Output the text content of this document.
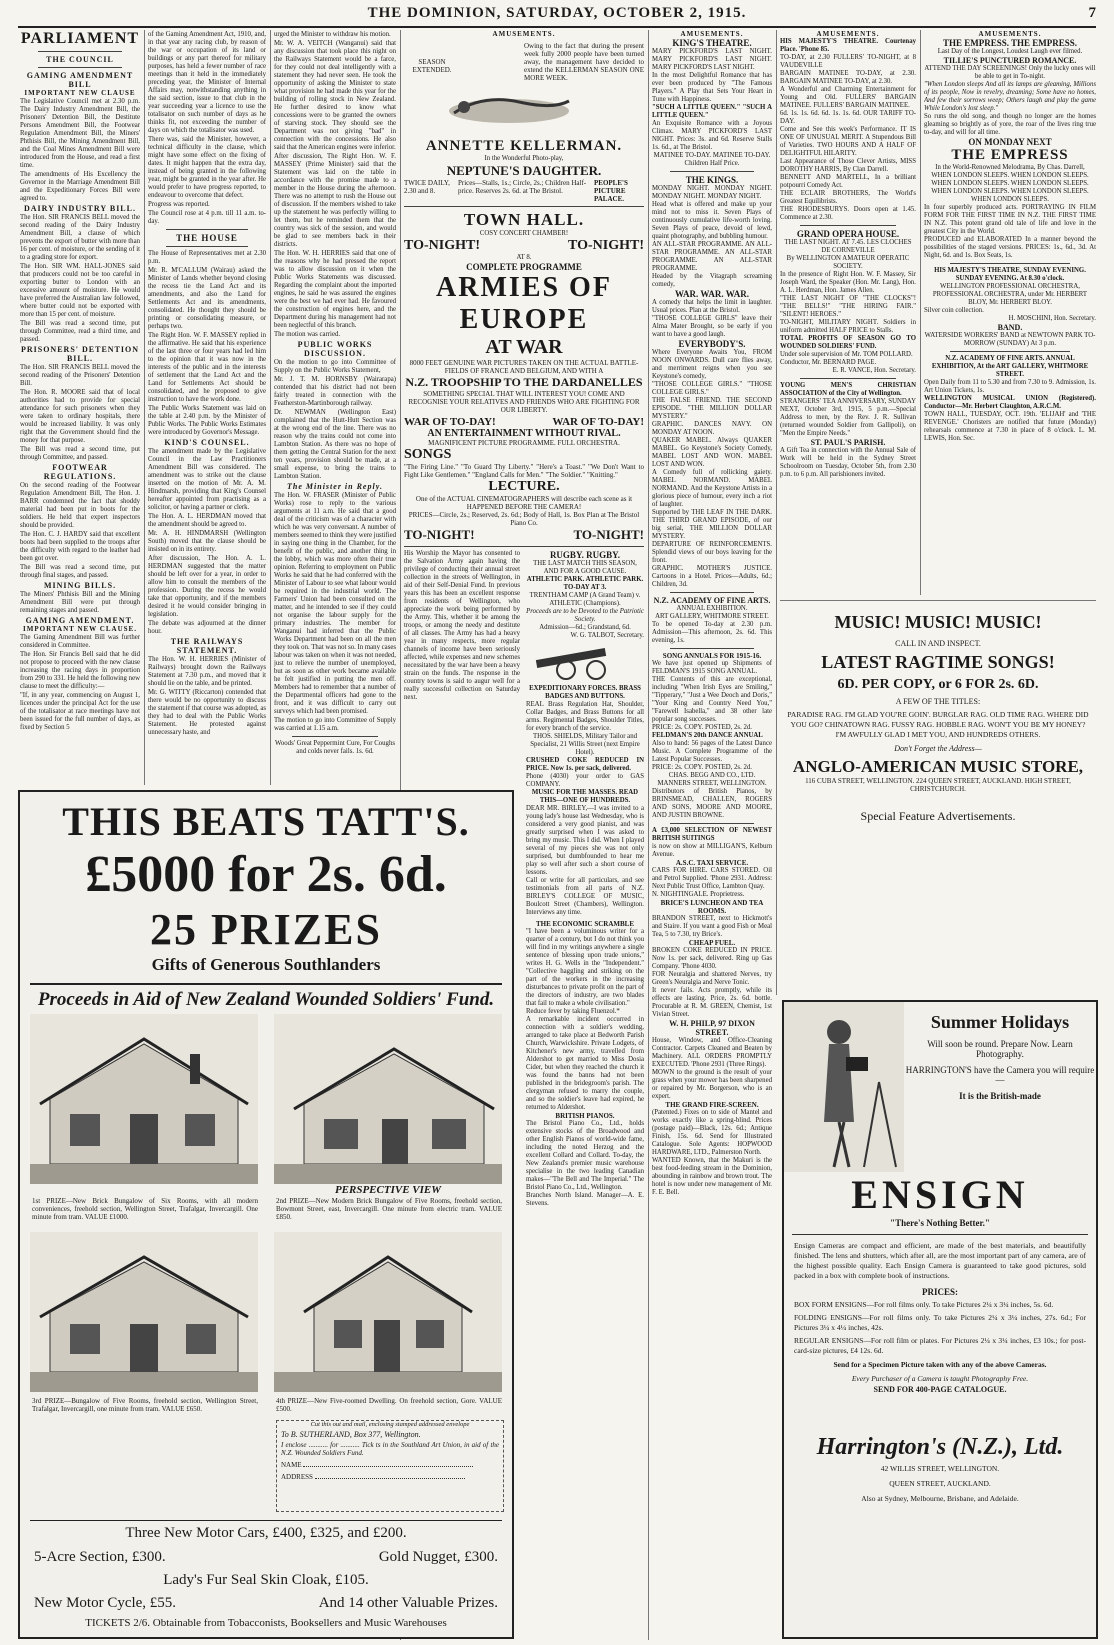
THE DOMINION, SATURDAY, OCTOBER 2, 1915.	7
PARLIAMENT
THE COUNCIL
GAMING AMENDMENT BILL
IMPORTANT NEW CLAUSE

The Legislative Council met at 2.30 p.m. The Dairy Industry Amendment Bill, the Prisoners' Detention Bill, the Destitute Persons Amendment Bill, the Footwear Regulation Amendment Bill, the Miners' Phthisis Bill, the Mining Amendment Bill, and the Coal Mines Amendment Bill were introduced from the House, and read a first time.

The amendments of His Excellency the Governor in the Marriage Amendment Bill and the Expeditionary Forces Bill were agreed to.

DAIRY INDUSTRY BILL.

The Hon. SIR FRANCIS BELL moved the second reading of the Dairy Industry Amendment Bill, a clause of which prevents the export of butter with more than 16 per cent. of moisture, or the sending of it to a grading store for export.

The Hon. SIR WM. HALL-JONES said that producers could not be too careful in exporting butter to London with an excessive amount of moisture. He would have preferred the Australian law followed, where butter could not be exported with more than 15 per cent. of moisture.

The Bill was read a second time, put through Committee, read a third time, and passed.

PRISONERS' DETENTION BILL.

The Hon. SIR FRANCIS BELL moved the second reading of the Prisoners' Detention Bill.

The Hon. R. MOORE said that of local authorities had to provide for special attendance for such prisoners when they were taken to ordinary hospitals, there would be increased liability. It was only right that the Government should find the money for that purpose.

The Bill was read a second time, put through Committee, and passed.

FOOTWEAR REGULATIONS.

On the second reading of the Footwear Regulation Amendment Bill, The Hon. J. BARR condemned the fact that shoddy material had been put in boots for the soldiers. He held that expert inspectors should be provided.

The Hon. C. J. HARDY said that excellent boots had been supplied to the troops after the difficulty with regard to the leather had been got over.

The Bill was read a second time, put through final stages, and passed.

MINING BILLS.

The Miners' Phthisis Bill and the Mining Amendment Bill were put through remaining stages and passed.

GAMING AMENDMENT.
IMPORTANT NEW CLAUSE.

The Gaming Amendment Bill was further considered in Committee.

The Hon. Sir Francis Bell said that he did not propose to proceed with the new clause increasing the racing days in proportion from 290 to 331. He held the following new clause to meet the difficulty:—

"If, in any year, commencing on August 1, licences under the principal Act for the use of the totalisator at race meetings have not been issued for the full number of days, as fixed by Section 5

of the Gaming Amendment Act, 1910, and, in that year any racing club, by reason of the war or occupation of its land or buildings or any part thereof for military purposes, has held a fewer number of race meetings than it held in the immediately preceding year, the Minister of Internal Affairs may, notwithstanding anything in the said section, issue to that club in the year succeeding year a licence to use the totalisator on such number of days as he thinks fit, not exceeding the number of days on which the totalisator was used.

There was, said the Minister, however, a technical difficulty in the clause, which might have some effect on the fixing of dates. It might happen that the extra day, instead of being granted in the following year, might be granted in the year after. He would prefer to have progress reported, to endeavour to overcome that defect.

Progress was reported.

The Council rose at 4 p.m. till 11 a.m. to-day.

THE HOUSE

The House of Representatives met at 2.30 p.m.

Mr. R. M'CALLUM (Wairau) asked the Minister of Lands whether beyond closing the recess tie the Land Act and its amendments, and also the Land for Settlements Act and its amendments, consolidated. He thought they should be printing or consolidating measure, or perhaps two.

The Right Hon. W. F. MASSEY replied in the affirmative. He said that his experience of the last three or four years had led him to the opinion that it was now in the interests of the public and in the interests of settlement that the Land Act and the Land for Settlements Act should be consolidated, and he proposed to give instruction to have the work done.

The Public Works Statement was laid on the table at 2.40 p.m. by the Minister of Public Works. The Public Works Estimates were introduced by Governor's Message.

KIND'S COUNSEL.

The amendment made by the Legislative Council in the Law Practitioners Amendment Bill was considered. The amendment was to strike out the clause inserted on the motion of Mr. A. M. Hindmarsh, providing that King's Counsel hereafter appointed from practising as a solicitor, or having a partner or clerk.

The Hon. A. L. HERDMAN moved that the amendment should be agreed to.

Mr. A. H. HINDMARSH (Wellington South) moved that the clause should be insisted on in its entirety.

After discussion, The Hon. A. L. HERDMAN suggested that the matter should be left over for a year, in order to allow him to consult the members of the profession. During the recess he would take that opportunity, and if the members desired it he would consider bringing in legislation.

The debate was adjourned at the dinner hour.

THE RAILWAYS STATEMENT.

The Hon. W. H. HERRIES (Minister of Railways) brought down the Railways Statement at 7.30 p.m., and moved that it should lie on the table, and be printed.

Mr. G. WITTY (Riccarton) contended that there would be no opportunity to discuss the statement if that course was adopted, as they had to deal with the Public Works Statement. He protested against unnecessary haste, and

urged the Minister to withdraw his motion.

Mr. W. A. VEITCH (Wanganui) said that any discussion that took place this night on the Railways Statement would be a farce, for they could not deal intelligently with a statement they had never seen. He took the opportunity of asking the Minister to state what provision he had made this year for the building of rolling stock in New Zealand. He further desired to know what concessions were to be granted the owners of starving stock. They should see the Department was not giving "bad" in connection with the concessions. He also said that the American engines were inferior.

After discussion, The Right Hon. W. F. MASSEY (Prime Minister) said that the Statement was laid on the table in accordance with the promise made to a member in the House during the afternoon. There was no attempt to rush the House out of discussion. If the members wished to take up the statement he was perfectly willing to let them, but he reminded them that the country was sick of the session, and would be glad to see members back in their districts.

The Hon. W. H. HERRIES said that one of the reasons why he had pressed the report was to allow discussion on it when the Public Works Statements was discussed. Regarding the complaint about the imported engines, he said he was assured the engines were the best we had ever had. He favoured the construction of engines here, and the Department during his management had not been neglectful of this branch.

The motion was carried.

PUBLIC WORKS DISCUSSION.

On the motion to go into Committee of Supply on the Public Works Statement,

Mr. J. T. M. HORNSBY (Wairarapa) contended that his district had not been fairly treated in connection with the Featherston-Martinborough railway.

Dr. NEWMAN (Wellington East) complained that the Hutt-Hutt Section was at the wrong end of the line. There was no reason why the trains could not come into Lambton Station. As there was no hope of them getting the Central Station for the next ten years, provision should be made, at a small expense, to bring the trains to Lambton Station.

The Minister in Reply.

The Hon. W. FRASER (Minister of Public Works) rose to reply to the various arguments at 11 a.m. He said that a good deal of the criticism was of a character with which he was very conversant. A number of members seemed to think they were justified in saying one thing in the Chamber, for the benefit of the public, and another thing in the lobby, which was more often their true opinion. Referring to employment on Public Works he said that he had conferred with the Minister of Labour to see what labour would be required in the industrial world. The Farmers' Union had been consulted on the matter, and he intended to see if they could not organise the labour supply for the primary industries. The member for Wanganui had inferred that the Public Works Department had been on all the men they took on. That was not so. In many cases labour was taken on when it was not needed, just to relieve the number of unemployed, but as soon as other work became available he felt justified in putting the men off. Members had to remember that a number of the Departmental officers had gone to the front, and it was difficult to carry out surveys which had been promised.

The motion to go into Committee of Supply was carried at 1.15 a.m.

Woods' Great Peppermint Cure, For Coughs and colds never fails. 1s. 6d.

THIS BEATS TATT'S.
£5000 for 2s. 6d.
25 PRIZES
Gifts of Generous Southlanders
Proceeds in Aid of New Zealand Wounded Soldiers' Fund.
PERSPECTIVE VIEW
1st PRIZE—New Brick Bungalow of Six Rooms, with all modern conveniences, freehold section, Wellington Street, Trafalgar, Invercargill. One minute from tram. VALUE £1000.
2nd PRIZE—New Modern Brick Bungalow of Five Rooms, freehold section, Bowmont Street, east, Invercargill. One minute from electric tram. VALUE £850.
3rd PRIZE—Bungalow of Five Rooms, freehold section, Wellington Street, Trafalgar, Invercargill, one minute from tram. VALUE £650.
4th PRIZE—New Five-roomed Dwelling. On freehold section, Gore. VALUE £500.
Cut this out and mail, enclosing stamped addressed envelope
To B. SUTHERLAND, Box 377, Wellington.
I enclose ........... for ........... Tick ts in the Southland Art Union, in aid of the N.Z. Wounded Soldiers Fund.
NAME
ADDRESS
Three New Motor Cars, £400, £325, and £200.
5-Acre Section, £300.	Gold Nugget, £300.
Lady's Fur Seal Skin Cloak, £105.
New Motor Cycle, £55.	And 14 other Valuable Prizes.
TICKETS 2/6. Obtainable from Tobacconists, Booksellers and Music Warehouses
AMUSEMENTS.
SEASON EXTENDED.
Owing to the fact that during the present week fully 2000 people have been turned away, the management have decided to extend the KELLERMAN SEASON ONE MORE WEEK.
ANNETTE KELLERMAN.
In the Wonderful Photo-play,
NEPTUNE'S DAUGHTER.
TWICE DAILY, 2.30 and 8.
Prices—Stalls, 1s.; Circle, 2s.; Children Half-price. Reserves 2s. 6d. at The Bristol.
PEOPLE'S PICTURE PALACE.
TOWN HALL.
COSY CONCERT CHAMBER!
TO-NIGHT!	TO-NIGHT!
AT 8.
COMPLETE PROGRAMME
ARMIES OF EUROPE
AT WAR
8000 FEET GENUINE WAR PICTURES TAKEN ON THE ACTUAL BATTLE-FIELDS OF FRANCE AND BELGIUM, AND WITH A
N.Z. TROOPSHIP TO THE DARDANELLES
SOMETHING SPECIAL THAT WILL INTEREST YOU! COME AND RECOGNISE YOUR RELATIVES AND FRIENDS WHO ARE FIGHTING FOR OUR LIBERTY.
WAR OF TO-DAY!	WAR OF TO-DAY!
AN ENTERTAINMENT WITHOUT RIVAL.
MAGNIFICENT PICTURE PROGRAMME. FULL ORCHESTRA.
SONGS
"The Firing Line." "To Guard Thy Liberty." "Here's a Toast." "We Don't Want to Fight Like Gentlemen." "England Calls for Men." "The Soldier." "Knitting."
LECTURE.
One of the ACTUAL CINEMATOGRAPHERS will describe each scene as it HAPPENED BEFORE THE CAMERA!
PRICES—Circle, 2s.; Reserved, 2s. 6d.; Body of Hall, 1s. Box Plan at The Bristol Piano Co.
TO-NIGHT!	TO-NIGHT!
His Worship the Mayor has consented to the Salvation Army again having the privilege of conducting their annual street collection in the streets of Wellington, in aid of their Self-Denial Fund. In previous years this has been an excellent response from residents of Wellington, who appreciate the work being performed by the Army. This, whether it be among the troops, or among the needy and destitute of all classes. The Army has had a heavy year in many respects, more regular channels of income have been seriously affected, while expenses and new schemes necessitated by the war have been a heavy strain on the funds. The response in the country towns is said to augur well for a really successful collection on Saturday next.
RUGBY. RUGBY.
THE LAST MATCH THIS SEASON, AND FOR A GOOD CAUSE.
ATHLETIC PARK. ATHLETIC PARK. TO-DAY AT 3.
TRENTHAM CAMP (A Grand Team) v. ATHLETIC (Champions).
Proceeds are to be Devoted to the Patriotic Society.
Admission—6d.; Grandstand, 6d.
W. G. TALBOT, Secretary.
EXPEDITIONARY FORCES. BRASS BADGES AND BUTTONS.
REAL Brass Regulation Hat, Shoulder, Collar Badges, and Brass Buttons for all arms. Regimental Badges, Shoulder Titles, for every branch of the service.
THOS. SHIELDS, Military Tailor and Specialist, 21 Willis Street (next Empire Hotel).
CRUSHED COKE REDUCED IN PRICE. Now 1s. per sack, delivered.
Phone (4030) your order to GAS COMPANY.
MUSIC FOR THE MASSES. READ THIS—ONE OF HUNDREDS.
DEAR MR. BIRLEY,—I was invited to a young lady's house last Wednesday, who is considered a very good pianist, and was greatly surprised when I was asked to bring my music. This I did. When I played several of my pieces she was not only surprised, but dumbfounded to hear me play so well after such a short course of lessons.
Call or write for all particulars, and see testimonials from all parts of N.Z. BIRLEY'S COLLEGE OF MUSIC, Boulcott Street (Chambers), Wellington. Interviews any time.
THE ECONOMIC SCRAMBLE
"I have been a voluminous writer for a quarter of a century, but I do not think you will find in my writings anywhere a single sentence of blessing upon trade unions," writes H. G. Wells in the "Independent." "Collective haggling and striking on the part of the workers in the increasing disturbances to private profit on the part of the directors of industry, are two blades that fail to make a whole civilisation."
Reduce fever by taking Fluenzol.*
A remarkable incident occurred in connection with a soldier's wedding, arranged to take place at Bedworth Parish Church, Warwickshire. Private Lodgets, of Kitchener's new army, travelled from Aldershot to get married to Miss Dosia Cider, but when they reached the church it was found the banns had not been published in the bridegroom's parish. The clergyman refused to marry the couple, and so the soldier's leave had expired, he returned to Aldershot.
BRITISH PIANOS.
The Bristol Piano Co., Ltd., holds extensive stocks of the Broadwood and other English Pianos of world-wide fame, including the noted Herzog and the excellent Collard and Collard. To-day, the New Zealand's premier music warehouse specialise in the two leading Canadian makes—"The Bell and The Imperial." The Bristol Piano Co., Ltd., Wellington.
Branches North Island. Manager—A. E. Stevens.
AMUSEMENTS.
KING'S THEATRE.
MARY PICKFORD'S LAST NIGHT. MARY PICKFORD'S LAST NIGHT. MARY PICKFORD'S LAST NIGHT.
In the most Delightful Romance that has ever been produced by "The Famous Players." A Play that Sets Your Heart in Tune with Happiness.
"SUCH A LITTLE QUEEN." "SUCH A LITTLE QUEEN."
An Exquisite Romance with a Joyous Climax. MARY PICKFORD'S LAST NIGHT. Prices: 3s. and 6d. Reserve Stalls 1s. 6d., at The Bristol.
MATINEE TO-DAY. MATINEE TO-DAY. Children Half Price.
THE KINGS.
MONDAY NIGHT. MONDAY NIGHT. MONDAY NIGHT. MONDAY NIGHT.
Head what is offered and make up your mind not to miss it. Seven Plays of continuously cumulative life-worth loving. Seven Plays of peace, devoid of lewd, quaint photography, and bubbling humour.
AN ALL-STAR PROGRAMME. AN ALL-STAR PROGRAMME. AN ALL-STAR PROGRAMME. AN ALL-STAR PROGRAMME.
Headed by the Vitagraph screaming comedy,
WAR. WAR. WAR.
A comedy that helps the limit in laughter. Usual prices. Plan at the Bristol.
"THOSE COLLEGE GIRLS" leave their Alma Mater Brought, so be early if you want to have a good laugh.
EVERYBODY'S.
Where Everyone Awaits You, FROM NOON ONWARDS. Dull care flies away, and merriment reigns when you see Keystone's comedy,
"THOSE COLLEGE GIRLS." "THOSE COLLEGE GIRLS."
THE FALSE FRIEND. THE SECOND EPISODE. "THE MILLION DOLLAR MYSTERY."
GRAPHIC. DANCES NAVY. ON MONDAY AT NOON.
QUAKER MABEL. Always QUAKER MABEL. Go Keystone's Society Comedy, MABEL LOST AND WON. MABEL LOST AND WON.
A Comedy full of rollicking gaiety. MABEL NORMAND. MABEL NORMAND. And the Keystone Artists in a glorious piece of humour, every inch a riot of laughter.
Supported by THE LEAF IN THE DARK. THE THIRD GRAND EPISODE, of our big serial, THE MILLION DOLLAR MYSTERY.
DEPARTURE OF REINFORCEMENTS. Splendid views of our boys leaving for the front.
GRAPHIC. MOTHER'S JUSTICE. Cartoons in a Hotel. Prices—Adults, 6d.; Children, 3d.
N.Z. ACADEMY OF FINE ARTS.
ANNUAL EXHIBITION.
ART GALLERY, WHITMORE STREET.
To be opened To-day at 2.30 p.m. Admission—This afternoon, 2s. 6d. This evening, 1s.
SONG ANNUALS FOR 1915-16.
We have just opened up Shipments of FELDMAN'S 1915 SONG ANNUAL.
THE Contents of this are exceptional, including "When Irish Eyes are Smiling," "Tipperary," "Just a Wee Deoch and Doris," "Your King and Country Need You," "Farewell Isabella," and 38 other late popular song successes.
PRICE: 2s. COPY. POSTED, 2s. 2d.
FELDMAN'S 20th DANCE ANNUAL
Also to hand: 56 pages of the Latest Dance Music. A Complete Programme of the Latest Popular Successes.
PRICE: 2s. COPY. POSTED, 2s. 2d.
CHAS. BEGG AND CO., LTD. MANNERS STREET, WELLINGTON.
Distributors of British Pianos, by BRINSMEAD, CHALLEN, ROGERS AND SONS, MOORE AND MOORE, AND JUSTIN BROWNE.
A £3,000 SELECTION OF NEWEST BRITISH SUITINGS
is now on show at MILLIGAN'S, Kelburn Avenue.
A.S.C. TAXI SERVICE.
CARS FOR HIRE. CARS STORED. Oil and Petrol Supplied. 'Phone 2931. Address: Next Public Trust Office, Lambton Quay.
N. NIGHTINGALE. Proprietress.
BRICE'S LUNCHEON AND TEA ROOMS.
BRANDON STREET, next to Hickmott's and Staire. If you want a good Fish or Meal Tea, 5 to 7.30, try Brice's.
CHEAP FUEL.
BROKEN COKE REDUCED IN PRICE. Now 1s. per sack, delivered. Ring up Gas Company. 'Phone 4030.
FOR Neuralgia and shattered Nerves, try Green's Neuralgia and Nerve Tonic.
It never fails. Acts promptly, while its effects are lasting. Price, 2s. 6d. bottle. Procurable at R. M. GREEN, Chemist, 1st Vivian Street.
W. H. PHILP, 97 DIXON STREET.
House, Window, and Office-Cleaning Contractor. Carpets Cleaned and Beaten by Machinery. ALL ORDERS PROMPTLY EXECUTED. 'Phone 2931 (Three Rings).
MOWN to the ground is the result of your grass when your mower has been sharpened or repaired by Mr. Borgerson, who is an expert.
THE GRAND FIRE-SCREEN.
(Patented.) Fixes on to side of Mantel and works exactly like a spring-blind. Prices (postage paid)—Black, 12s. 6d.; Antique Finish, 15s. 6d. Send for Illustrated Catalogue. Sole Agents: HOPWOOD HARDWARE, LTD., Palmerston North.
WANTED Known, that the Makuri is the best food-feeding stream in the Dominion, abounding in rainbow and brown trout. The hotel is now under new management of Mr. F. E. Bell.
AMUSEMENTS.
HIS MAJESTY'S THEATRE. Courtenay Place. 'Phone 85.
TO-DAY, at 2.30 FULLERS' TO-NIGHT, at 8 VAUDEVILLE
BARGAIN MATINEE TO-DAY, at 2.30. BARGAIN MATINEE TO-DAY, at 2.30.
A Wonderful and Charming Entertainment for Young and Old. FULLERS' BARGAIN MATINEE. FULLERS' BARGAIN MATINEE.
6d. 1s. 1s. 6d. 6d. 1s. 1s. 6d. OUR TARIFF TO-DAY.
Come and See this week's Performance. IT IS ONE OF UNUSUAL MERIT. A Stupendous Bill of Varieties. TWO HOURS AND A HALF OF DELIGHTFUL HILARITY.
Last Appearance of Those Clever Artists, MISS DOROTHY HARRIS, By Clan Darrell.
BENNETT AND MARTELL, In a brilliant potpourri Comedy Act.
THE ECLAIR BROTHERS, The World's Greatest Equilibrists.
THE RHODESBURYS. Doors open at 1.45. Commence at 2.30.
GRAND OPERA HOUSE.
THE LAST NIGHT. AT 7.45. LES CLOCHES DE CORNEVILLE
By WELLINGTON AMATEUR OPERATIC SOCIETY.
In the presence of Right Hon. W. F. Massey, Sir Joseph Ward, the Speaker (Hon. Mr. Lang), Hon. A. L. Herdman, Hon. James Allen.
"THE LAST NIGHT OF "THE CLOCKS"! "THE BELLS!" "THE HIRING FAIR." "SILENT! HEROES."
TO-NIGHT, MILITARY NIGHT. Soldiers in uniform admitted HALF PRICE to Stalls.
TOTAL PROFITS OF SEASON GO TO WOUNDED SOLDIERS' FUND.
Under sole supervision of Mr. TOM POLLARD.
Conductor, Mr. BERNARD PAGE.
E. R. VANCE, Hon. Secretary.
YOUNG MEN'S CHRISTIAN ASSOCIATION of the City of Wellington.
STRANGERS' TEA ANNIVERSARY, SUNDAY NEXT, October 3rd, 1915, 5 p.m.—Special Address to men, by the Rev. J. R. Sullivan (returned wounded Soldier from Gallipoli), on "Men the Empire Needs."
ST. PAUL'S PARISH.
A Gift Tea in connection with the Annual Sale of Work will be held in the Sydney Street Schoolroom on Tuesday, October 5th, from 2.30 p.m. to 6 p.m. All parishioners invited.
AMUSEMENTS.
THE EMPRESS. THE EMPRESS.
Last Day of the Longest, Loudest Laugh ever filmed.
TILLIE'S PUNCTURED ROMANCE.
ATTEND THE DAY SCREENINGS! Only the lucky ones will be able to get in To-night.
"When London sleeps And all its lamps are gleaming, Millions of its people, Now in revelry, dreaming; Some have no homes, And few their sorrows weep; Others laugh and play the game While London's lost sleep."
So runs the old song, and though no longer are the homes gleaming so brightly as of yore, the roar of the lives ring true to-day, and will for all time.
ON MONDAY NEXT
THE EMPRESS
In the World-Renowned Melodrama, By Chas. Darrell,
WHEN LONDON SLEEPS. WHEN LONDON SLEEPS. WHEN LONDON SLEEPS. WHEN LONDON SLEEPS. WHEN LONDON SLEEPS. WHEN LONDON SLEEPS. WHEN LONDON SLEEPS.
In four superbly produced acts. PORTRAYING IN FILM FORM FOR THE FIRST TIME IN N.Z. THE FIRST TIME IN N.Z. This potent grand old tale of life and love in the greatest City in the World.
PRODUCED and ELABORATED In a manner beyond the possibilities of the staged versions. PRICES: 1s., 6d., 3d. At Night, 6d. and 1s. Box Seats, 1s.
HIS MAJESTY'S THEATRE, SUNDAY EVENING. SUNDAY EVENING. At 8.30 o'clock.
WELLINGTON PROFESSIONAL ORCHESTRA, PROFESSIONAL ORCHESTRA, under Mr. HERBERT BLOY, Mr. HERBERT BLOY.
Silver coin collection.
H. MOSCHINI, Hon. Secretary.
BAND.
WATERSIDE WORKERS' BAND at NEWTOWN PARK TO-MORROW (SUNDAY) At 3 p.m.
N.Z. ACADEMY OF FINE ARTS. ANNUAL EXHIBITION, At the ART GALLERY, WHITMORE STREET.
Open Daily from 11 to 5.30 and from 7.30 to 9. Admission, 1s. Art Union Tickets, 1s.
WELLINGTON MUSICAL UNION (Registered). Conductor—Mr. Herbert Claughton, A.R.C.M.
TOWN HALL, TUESDAY, OCT. 19th. 'ELIJAH' and 'THE REVENGE.' Choristers are notified that future (Monday) rehearsals commence at 7.30 in place of 8 o'clock. L. M. LEWIS, Hon. Sec.
MUSIC! MUSIC! MUSIC!
CALL IN AND INSPECT.
LATEST RAGTIME SONGS!
6D. PER COPY, or 6 FOR 2s. 6D.
A FEW OF THE TITLES:
PARADISE RAG. I'M GLAD YOU'RE GOIN'. BURGLAR RAG. OLD TIME RAG. WHERE DID YOU GO? CHINATOWN RAG. FUSSY RAG. HOBBLE RAG. WON'T YOU BE MY HONEY? I'M AWFULLY GLAD I MET YOU, AND HUNDREDS OTHERS.
Don't Forget the Address—
ANGLO-AMERICAN MUSIC STORE,
116 CUBA STREET, WELLINGTON. 224 QUEEN STREET, AUCKLAND. HIGH STREET, CHRISTCHURCH.
Special Feature Advertisements.
Summer Holidays
Will soon be round. Prepare Now. Learn Photography.
HARRINGTON'S have the Camera you will require—
It is the British-made
ENSIGN
"There's Nothing Better."
Ensign Cameras are compact and efficient, are made of the best materials, and beautifully finished. The lens and shutters, which after all, are the most important part of any camera, are of the highest possible quality. Each Ensign Camera is guaranteed to take good pictures, sold packed in a box with complete book of instructions.
PRICES:
BOX FORM ENSIGNS—For roll films only. To take Pictures 2¼ x 3¼ inches, 5s. 6d.
FOLDING ENSIGNS—For roll films only. To take Pictures 2¼ x 3¼ inches, 27s. 6d.; For Pictures 3¼ x 4¼ inches, 42s.
REGULAR ENSIGNS—For roll film or plates. For Pictures 2¼ x 3¼ inches, £3 10s.; for post-card-size pictures, £4 12s. 6d.
Send for a Specimen Picture taken with any of the above Cameras.
Every Purchaser of a Camera is taught Photography Free.
SEND FOR 400-PAGE CATALOGUE.
Harrington's (N.Z.), Ltd.
42 WILLIS STREET, WELLINGTON.
QUEEN STREET, AUCKLAND.
Also at Sydney, Melbourne, Brisbane, and Adelaide.
